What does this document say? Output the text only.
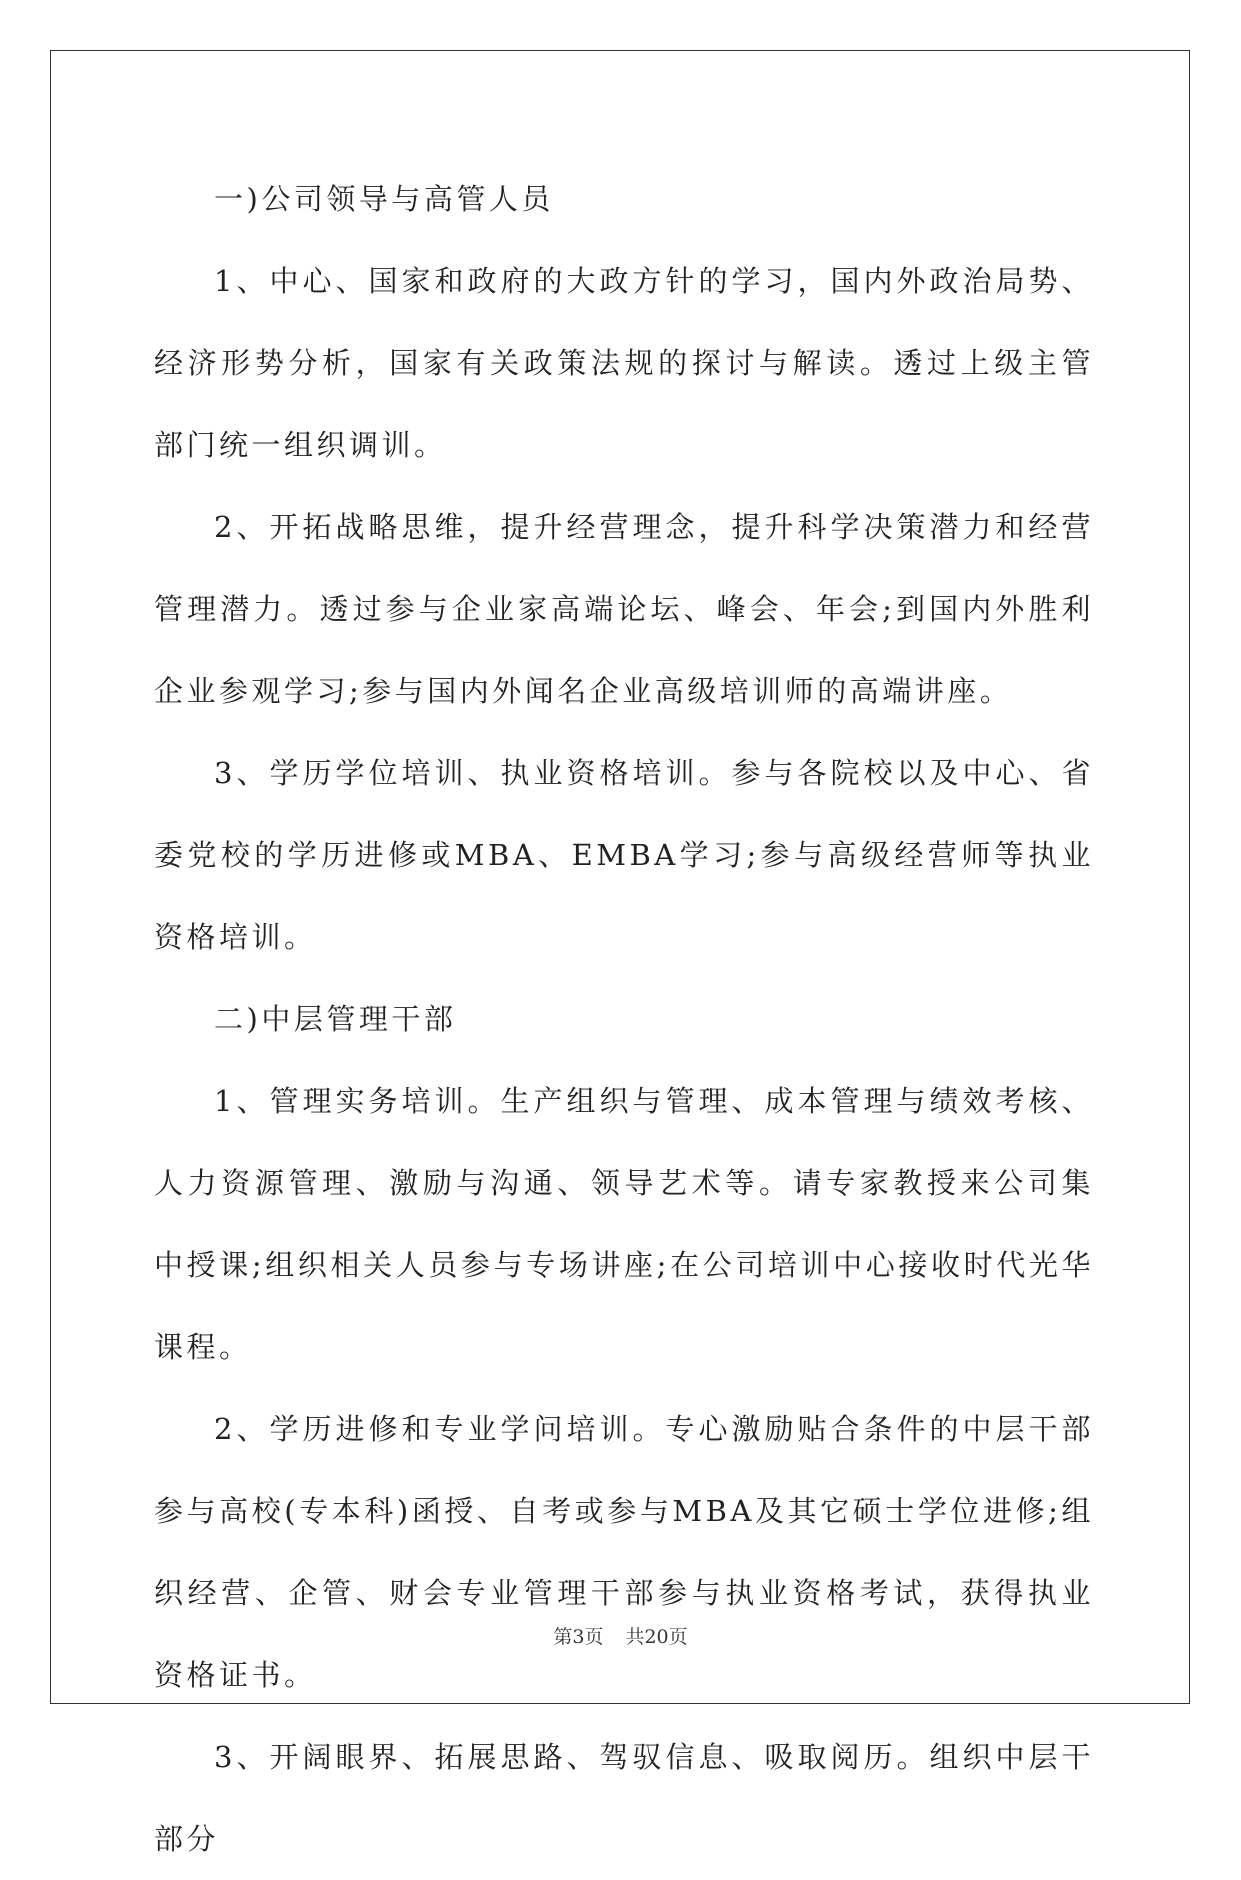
一)公司领导与高管人员

1、中心、国家和政府的大政方针的学习，国内外政治局势、经济形势分析，国家有关政策法规的探讨与解读。透过上级主管部门统一组织调训。

2、开拓战略思维，提升经营理念，提升科学决策潜力和经营管理潜力。透过参与企业家高端论坛、峰会、年会;到国内外胜利企业参观学习;参与国内外闻名企业高级培训师的高端讲座。

3、学历学位培训、执业资格培训。参与各院校以及中心、省委党校的学历进修或MBA、EMBA学习;参与高级经营师等执业资格培训。

二)中层管理干部

1、管理实务培训。生产组织与管理、成本管理与绩效考核、人力资源管理、激励与沟通、领导艺术等。请专家教授来公司集中授课;组织相关人员参与专场讲座;在公司培训中心接收时代光华课程。

2、学历进修和专业学问培训。专心激励贴合条件的中层干部参与高校(专本科)函授、自考或参与MBA及其它硕士学位进修;组织经营、企管、财会专业管理干部参与执业资格考试，获得执业资格证书。

3、开阔眼界、拓展思路、驾驭信息、吸取阅历。组织中层干部分

第3页 共20页
